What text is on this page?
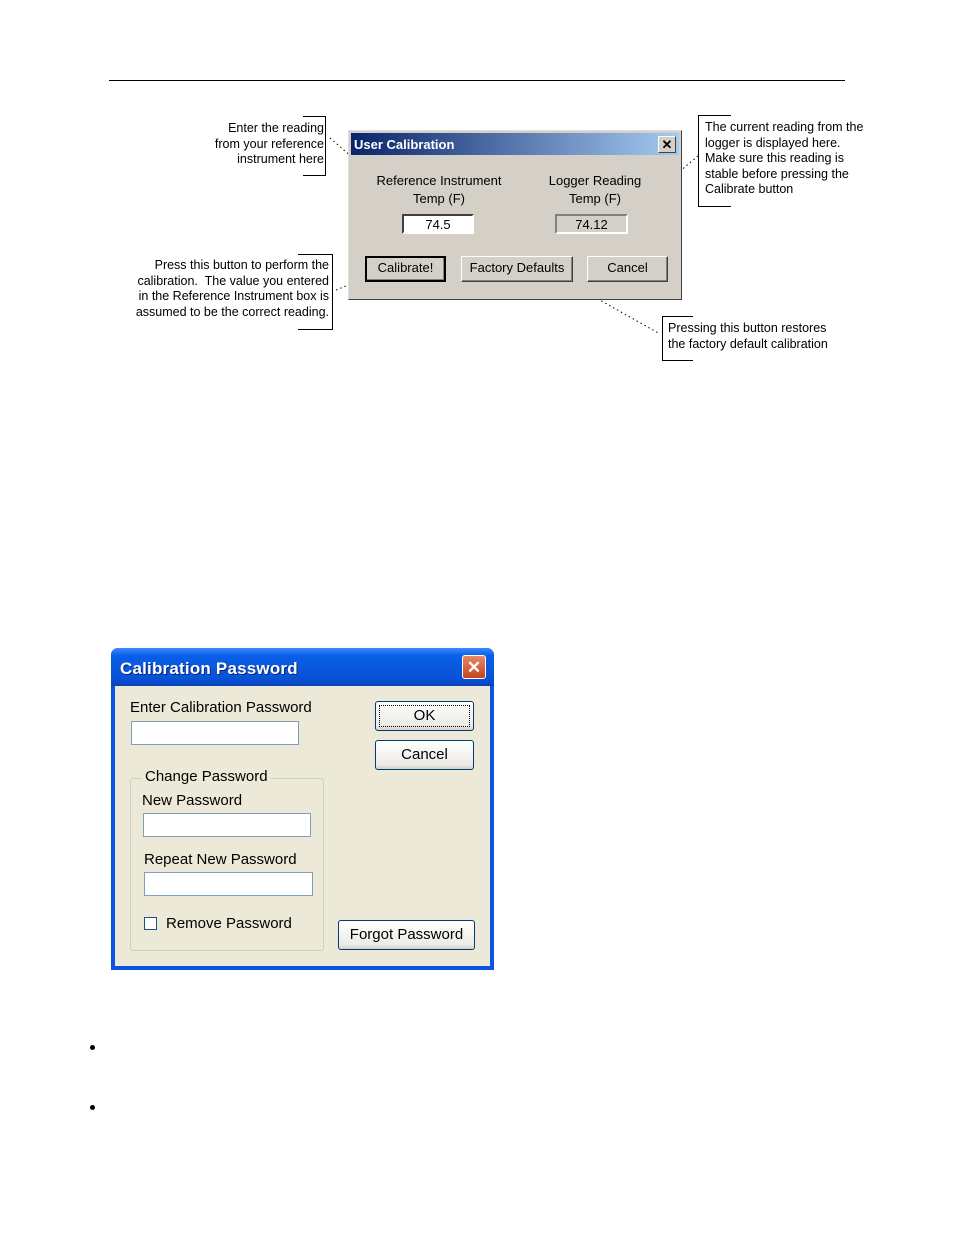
Enter the reading
from your reference
instrument here
The current reading from the
logger is displayed here.
Make sure this reading is
stable before pressing the
Calibrate button
Press this button to perform the
calibration.  The value you entered
in the Reference Instrument box is
assumed to be the correct reading.
Pressing this button restores
the factory default calibration
User Calibration	✕
Reference Instrument
Temp (F)
74.5
Logger Reading
Temp (F)
74.12
Calibrate!	Factory Defaults	Cancel
Calibration Password	✕
Enter Calibration Password
Change Password
New Password
Repeat New Password
Remove Password
OK
Cancel
Forgot Password
